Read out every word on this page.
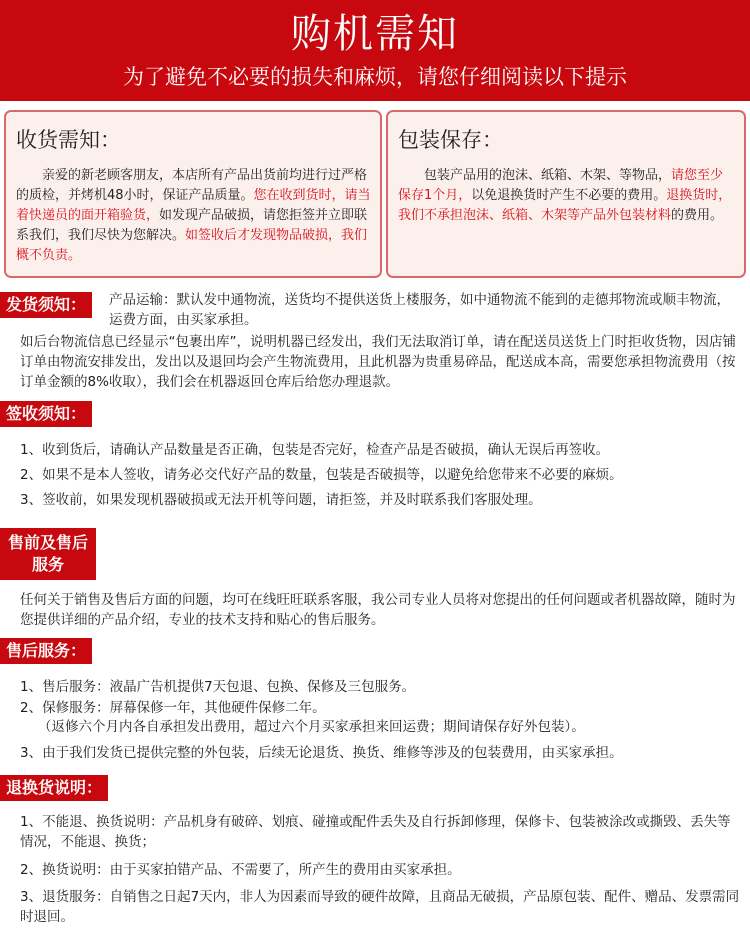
购机需知
为了避免不必要的损失和麻烦，请您仔细阅读以下提示
收货需知：
亲爱的新老顾客朋友，本店所有产品出货前均进行过严格的质检，并烤机48小时，保证产品质量。您在收到货时，请当着快递员的面开箱验货，如发现产品破损，请您拒签并立即联系我们，我们尽快为您解决。如签收后才发现物品破损，我们概不负责。
包装保存：
包装产品用的泡沫、纸箱、木架、等物品，请您至少保存1个月，以免退换货时产生不必要的费用。退换货时，我们不承担泡沫、纸箱、木架等产品外包装材料的费用。
发货须知：	产品运输：默认发中通物流，送货均不提供送货上楼服务，如中通物流不能到的走德邦物流或顺丰物流，运费方面，由买家承担。
如后台物流信息已经显示“包裹出库”，说明机器已经发出，我们无法取消订单，请在配送员送货上门时拒收货物，因店铺订单由物流安排发出，发出以及退回均会产生物流费用，且此机器为贵重易碎品，配送成本高，需要您承担物流费用（按订单金额的8%收取），我们会在机器返回仓库后给您办理退款。
签收须知：
1、收到货后，请确认产品数量是否正确，包装是否完好，检查产品是否破损，确认无误后再签收。
2、如果不是本人签收，请务必交代好产品的数量，包装是否破损等，以避免给您带来不必要的麻烦。
3、签收前，如果发现机器破损或无法开机等问题，请拒签，并及时联系我们客服处理。
售前及售后
服务
任何关于销售及售后方面的问题，均可在线旺旺联系客服，我公司专业人员将对您提出的任何问题或者机器故障，随时为您提供详细的产品介绍，专业的技术支持和贴心的售后服务。
售后服务：
1、售后服务：液晶广告机提供7天包退、包换、保修及三包服务。
2、保修服务：屏幕保修一年，其他硬件保修二年。
（返修六个月内各自承担发出费用，超过六个月买家承担来回运费；期间请保存好外包装）。
3、由于我们发货已提供完整的外包装，后续无论退货、换货、维修等涉及的包装费用，由买家承担。
退换货说明：
1、不能退、换货说明：产品机身有破碎、划痕、碰撞或配件丢失及自行拆卸修理，保修卡、包装被涂改或撕毁、丢失等情况，不能退、换货；
2、换货说明：由于买家拍错产品、不需要了，所产生的费用由买家承担。
3、退货服务：自销售之日起7天内，非人为因素而导致的硬件故障，且商品无破损，产品原包装、配件、赠品、发票需同时退回。
